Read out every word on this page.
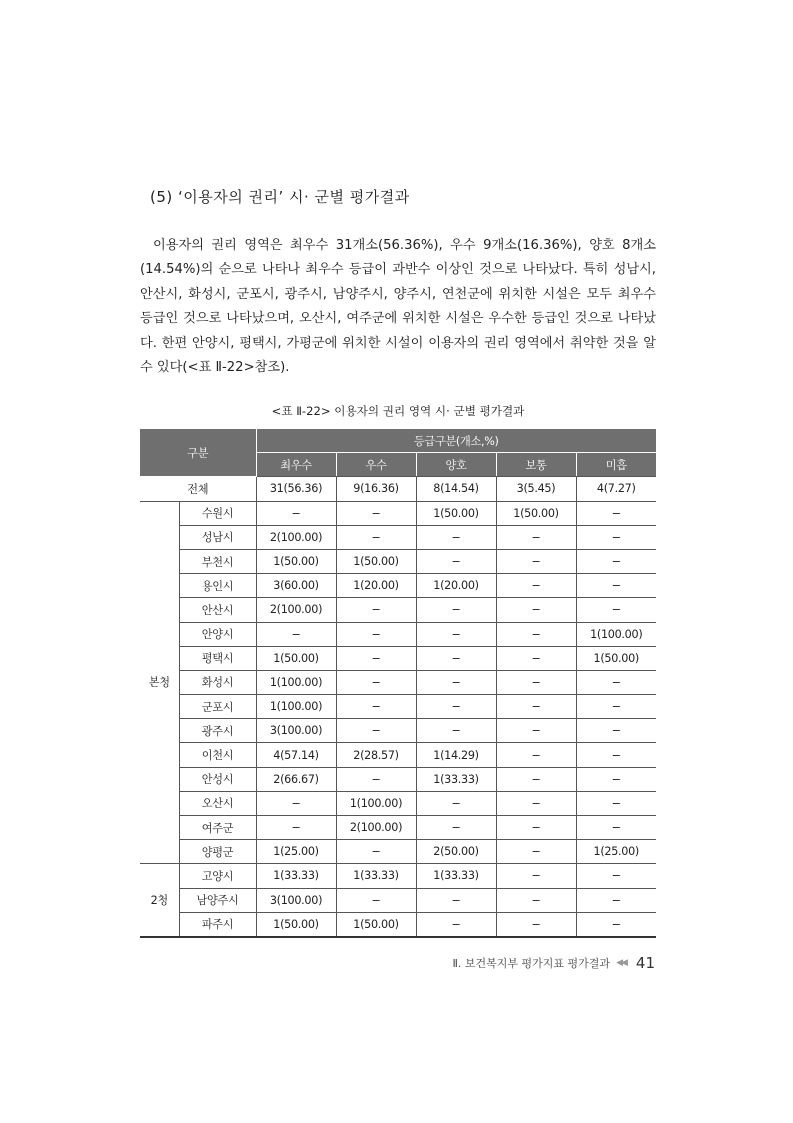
(5) ‘이용자의 권리’ 시· 군별 평가결과

이용자의 권리 영역은 최우수 31개소(56.36%), 우수 9개소(16.36%), 양호 8개소(14.54%)의 순으로 나타나 최우수 등급이 과반수 이상인 것으로 나타났다. 특히 성남시, 안산시, 화성시, 군포시, 광주시, 남양주시, 양주시, 연천군에 위치한 시설은 모두 최우수 등급인 것으로 나타났으며, 오산시, 여주군에 위치한 시설은 우수한 등급인 것으로 나타났다. 한편 안양시, 평택시, 가평군에 위치한 시설이 이용자의 권리 영역에서 취약한 것을 알 수 있다(<표 Ⅱ-22>참조).

<표 Ⅱ-22> 이용자의 권리 영역 시· 군별 평가결과
구분		등급구분(개소,%)				
		최우수	우수	양호	보통	미흡
전체		31(56.36)	9(16.36)	8(14.54)	3(5.45)	4(7.27)
본청	수원시	−	−	1(50.00)	1(50.00)	−
	성남시	2(100.00)	−	−	−	−
	부천시	1(50.00)	1(50.00)	−	−	−
	용인시	3(60.00)	1(20.00)	1(20.00)	−	−
	안산시	2(100.00)	−	−	−	−
	안양시	−	−	−	−	1(100.00)
	평택시	1(50.00)	−	−	−	1(50.00)
	화성시	1(100.00)	−	−	−	−
	군포시	1(100.00)	−	−	−	−
	광주시	3(100.00)	−	−	−	−
	이천시	4(57.14)	2(28.57)	1(14.29)	−	−
	안성시	2(66.67)	−	1(33.33)	−	−
	오산시	−	1(100.00)	−	−	−
	여주군	−	2(100.00)	−	−	−
	양평군	1(25.00)	−	2(50.00)	−	1(25.00)
2청	고양시	1(33.33)	1(33.33)	1(33.33)	−	−
	남양주시	3(100.00)	−	−	−	−
	파주시	1(50.00)	1(50.00)	−	−	−
Ⅱ. 보건복지부 평가지표 평가결과 ◀◀ 41
